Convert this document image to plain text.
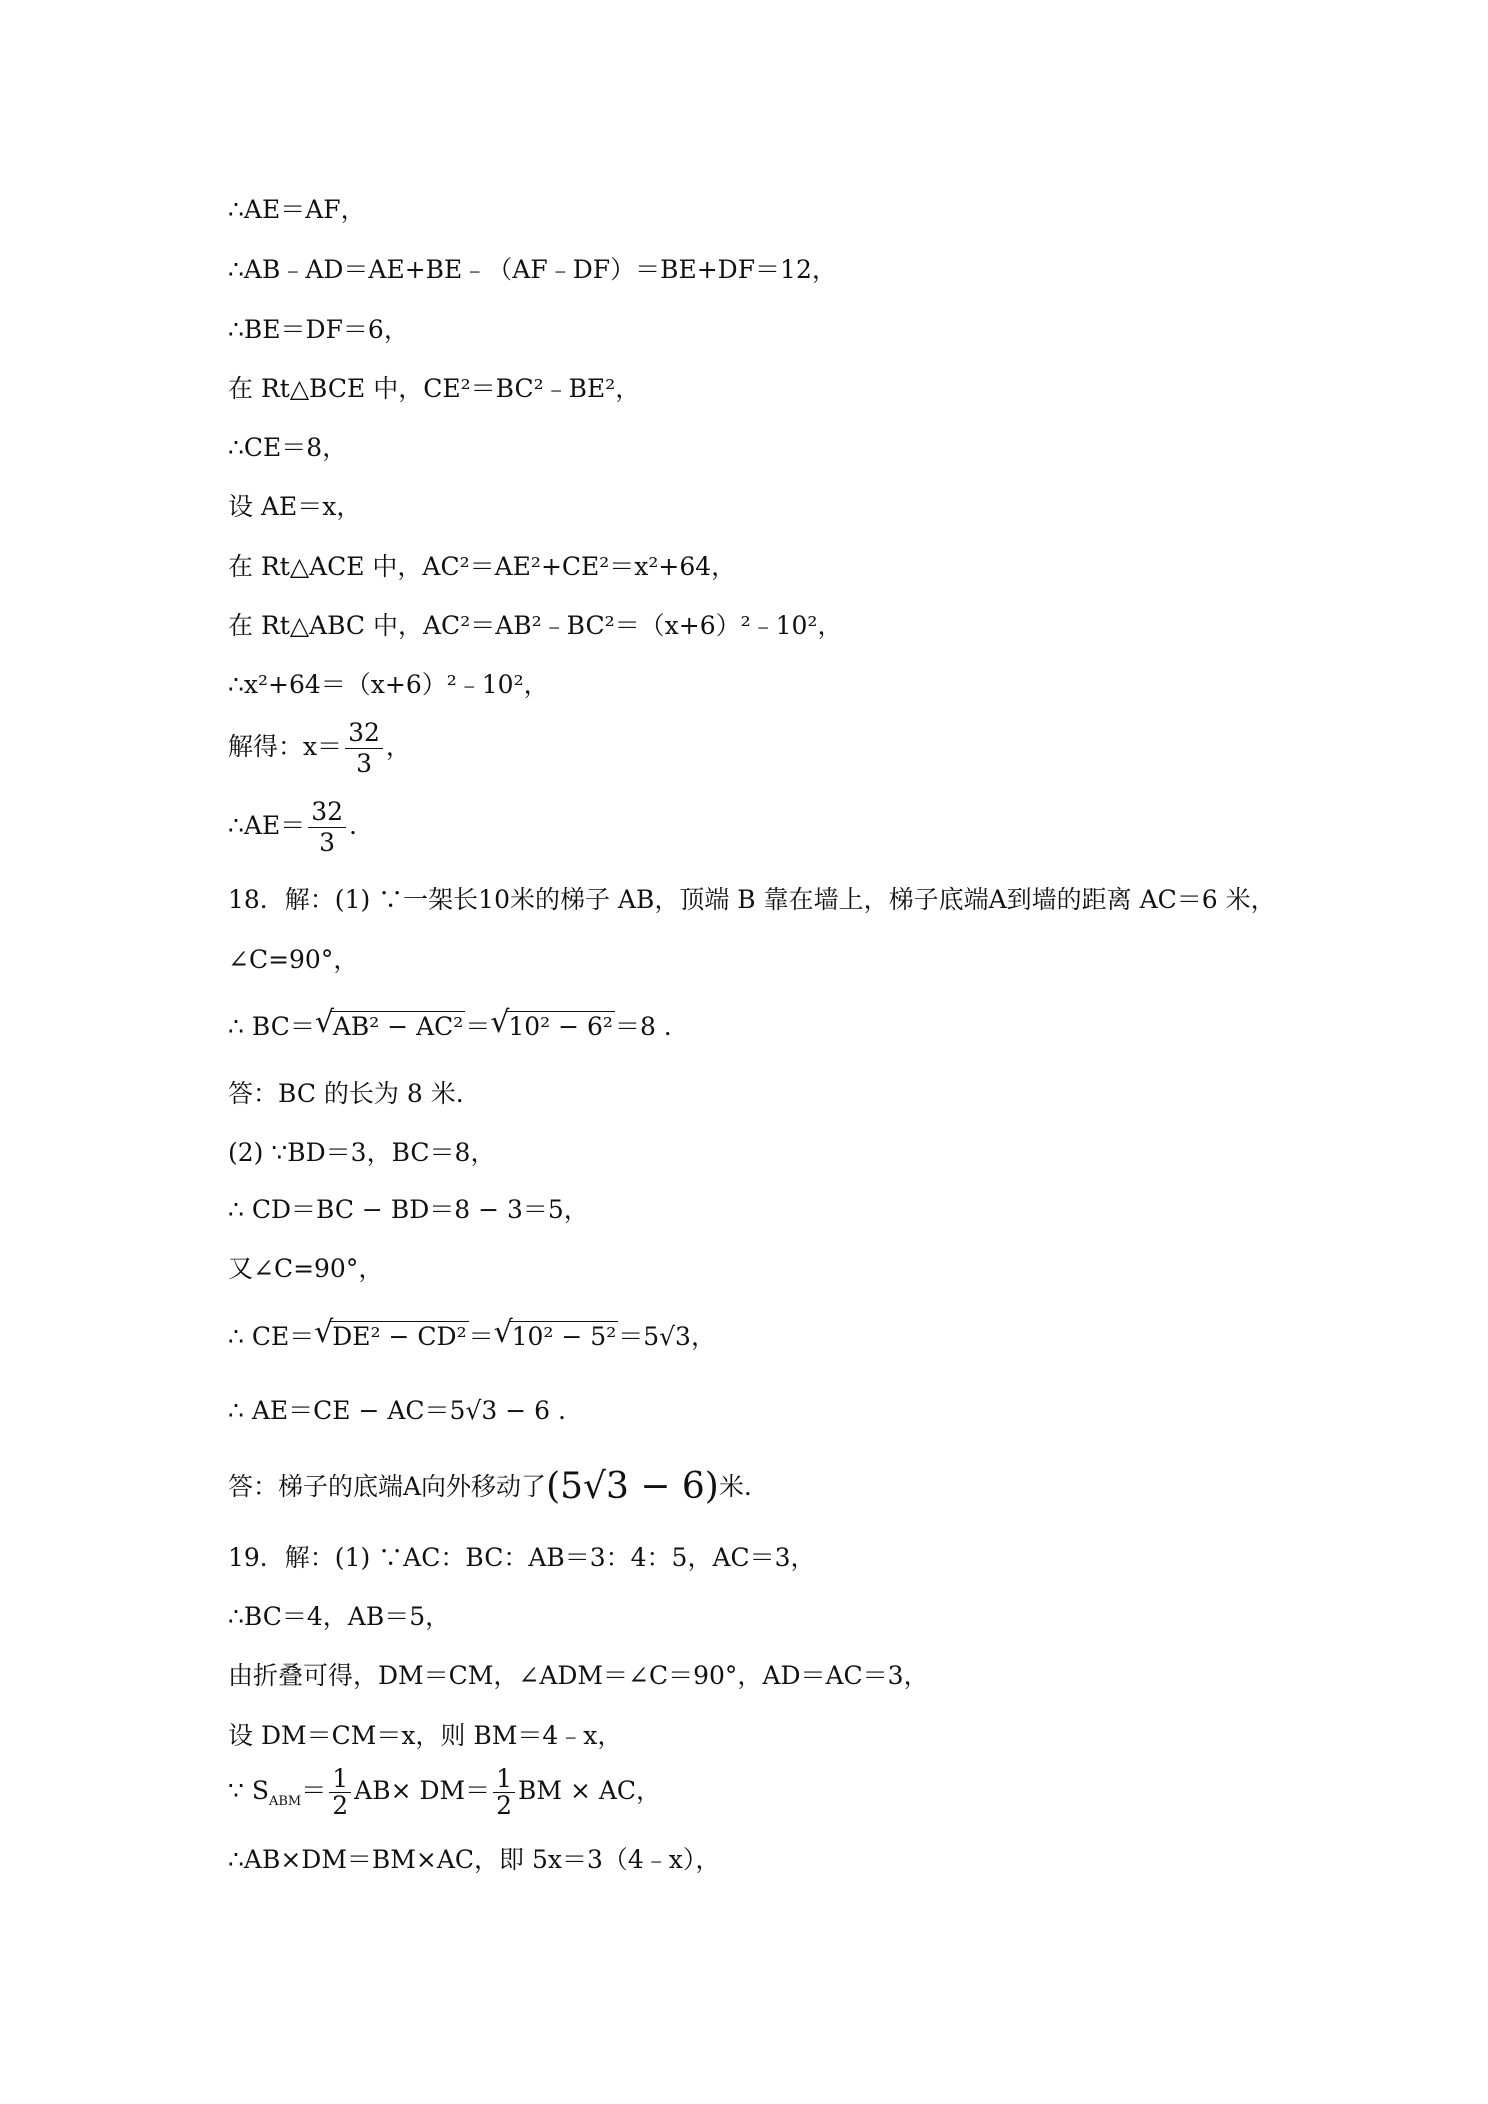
∴AE＝AF，
∴AB﹣AD＝AE+BE﹣（AF﹣DF）＝BE+DF＝12，
∴BE＝DF＝6，
在 Rt△BCE 中，CE²＝BC²﹣BE²，
∴CE＝8，
设 AE＝x，
在 Rt△ACE 中，AC²＝AE²+CE²＝x²+64，
在 Rt△ABC 中，AC²＝AB²﹣BC²＝（x+6）²﹣10²，
∴x²+64＝（x+6）²﹣10²，
解得：$x= \frac{32}{3}$ ，
∴AE＝ $\frac{32}{3}$ .
18．解：(1) ∵一架长10米的梯子 AB，顶端 B 靠在墙上，梯子底端A到墙的距离 AC＝6 米，
∠C=90°，
∴ BC＝ √ AB² − AC²＝ √ 10² − 6²＝8 .
答：BC 的长为 8 米.
(2) ∵BD＝3，BC＝8，
∴ CD＝BC − BD＝8 − 3＝5，
又∠C=90°，
∴ CE＝ √ DE² − CD²＝ √ 10² − 5²＝5√3，
∴ AE＝CE − AC＝5√3 − 6 .
答：梯子的底端A向外移动了(5√3 − 6)米.
19．解：(1) ∵AC：BC：AB＝3：4：5，AC＝3，
∴BC＝4，AB＝5，
由折叠可得，DM＝CM，∠ADM＝∠C＝90°，AD＝AC＝3，
设 DM＝CM＝x，则 BM＝4﹣x，
∵ $S_{ABM}= \frac{1}{2} AB\times DM= \frac{1}{2}$ BM × AC，
∴AB×DM＝BM×AC，即 5x＝3（4﹣x），
